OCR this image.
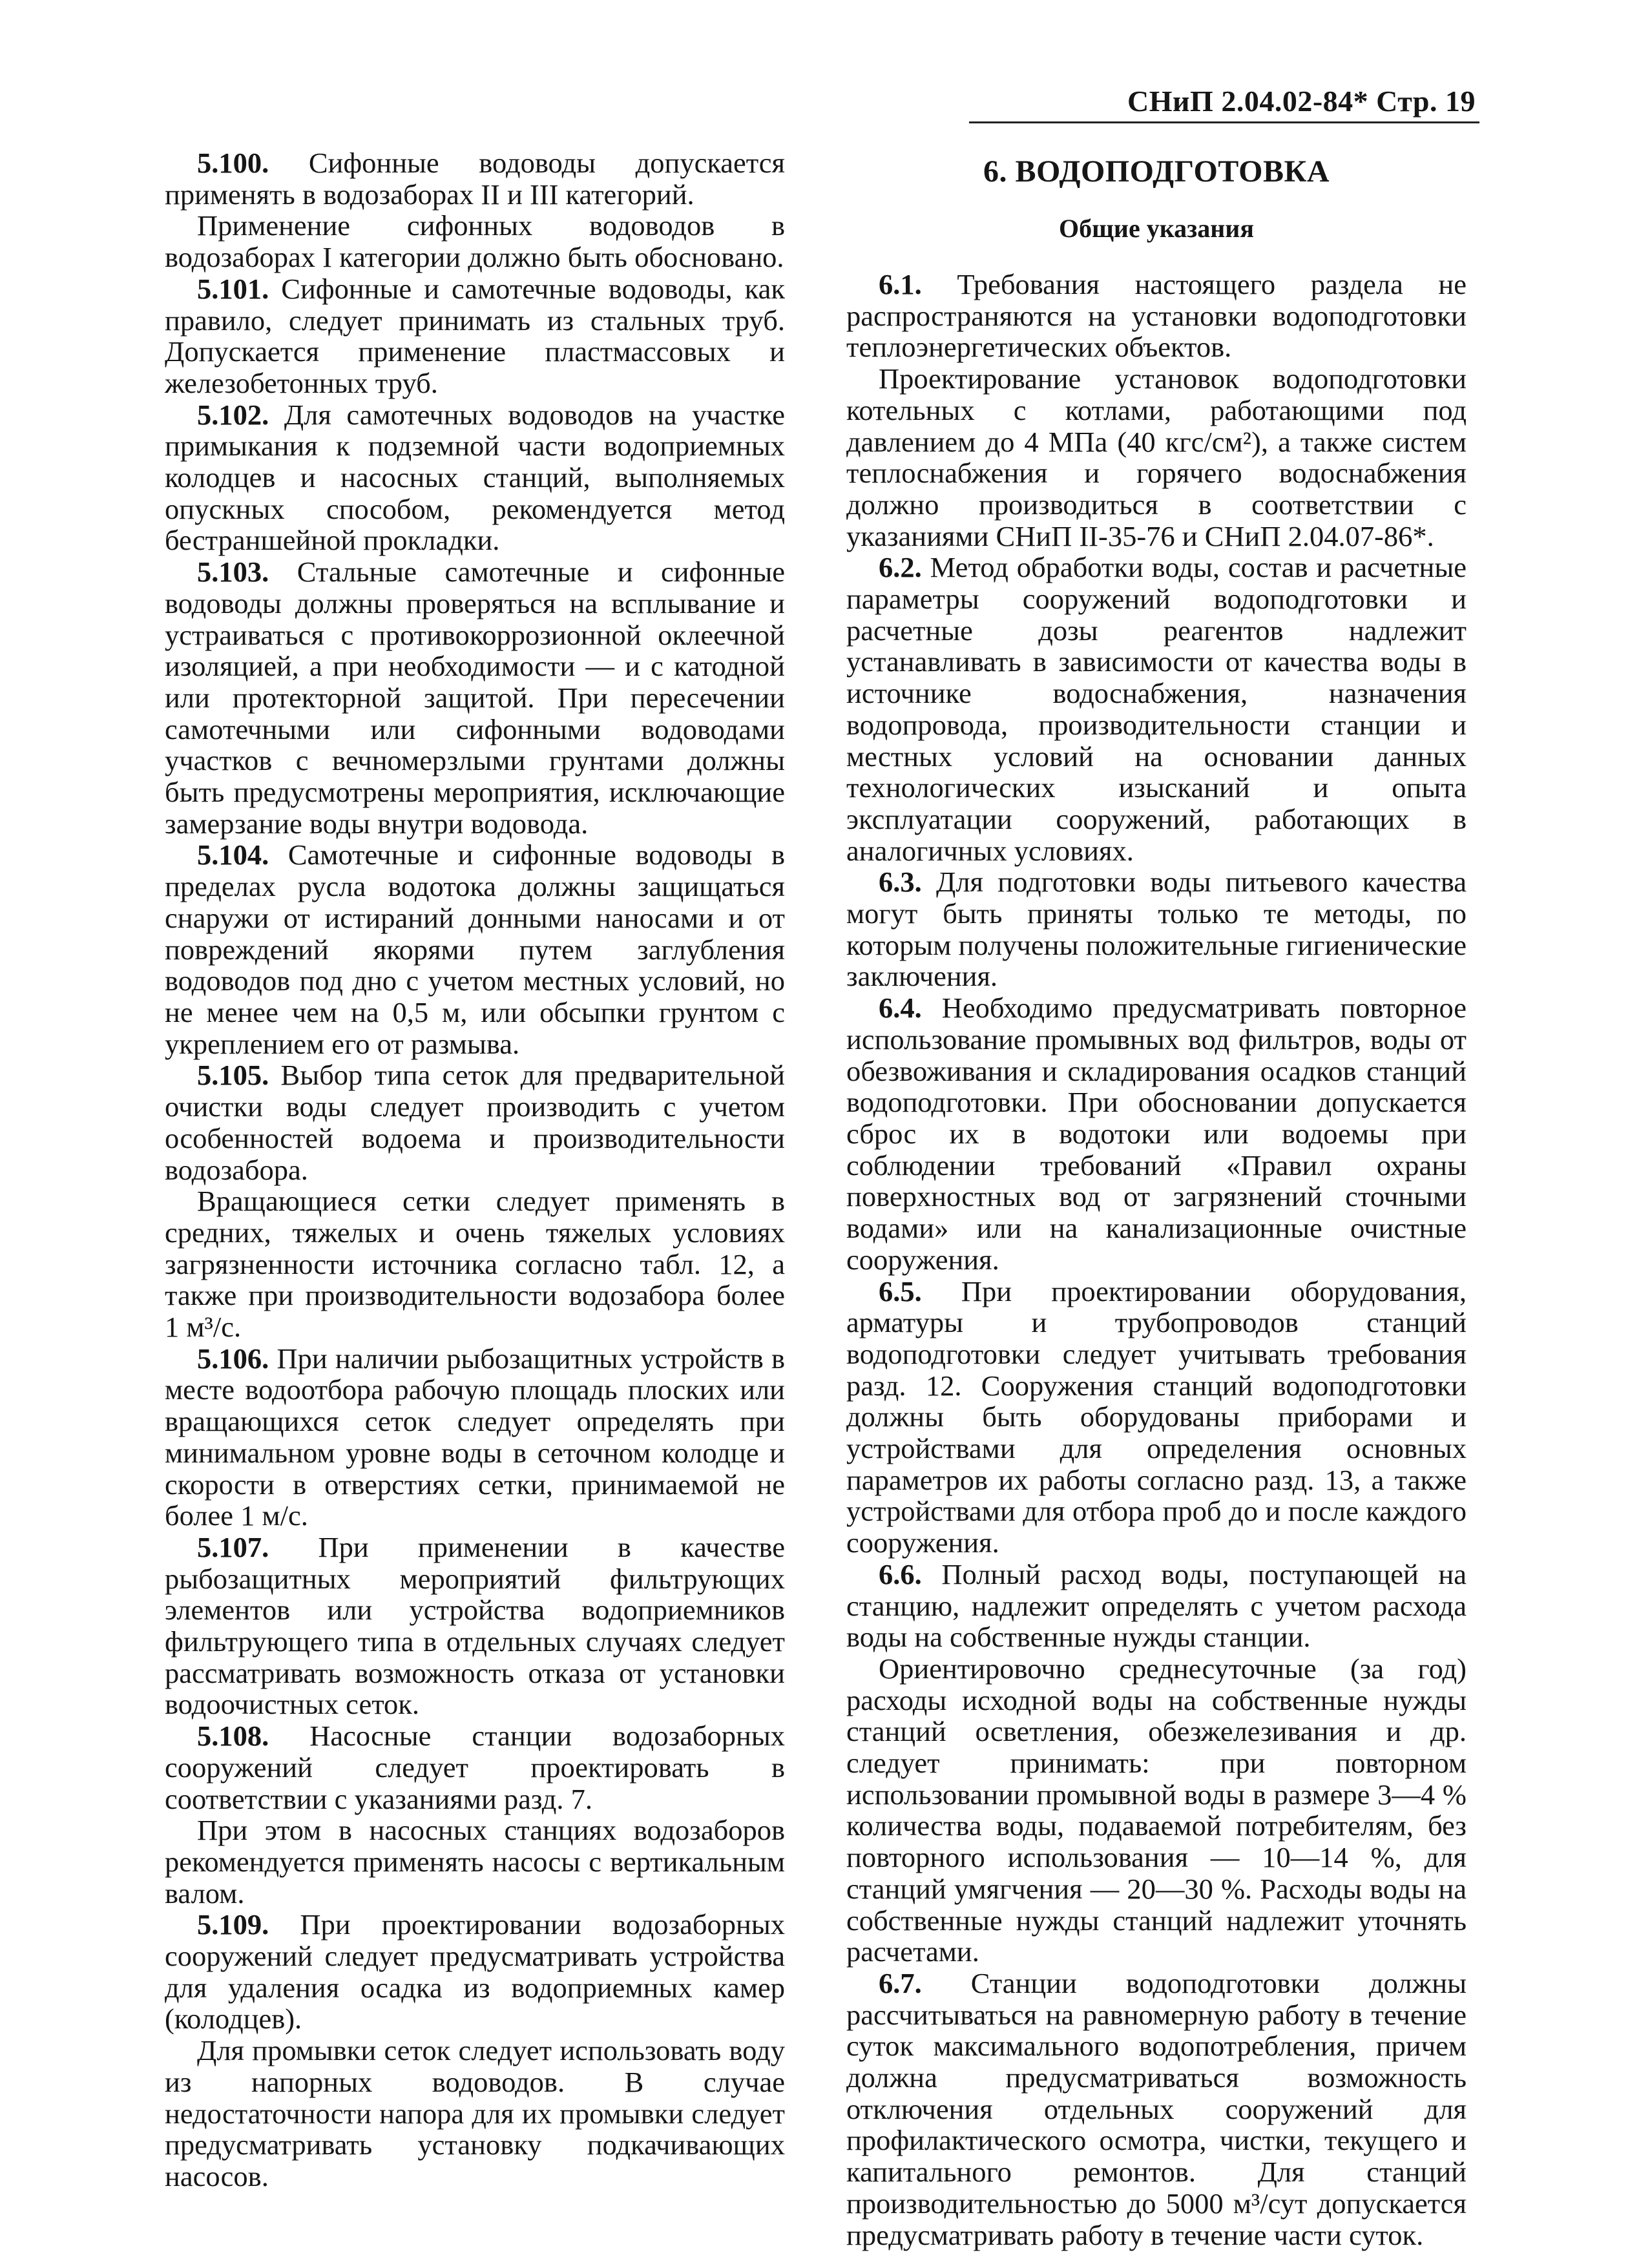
СНиП 2.04.02-84* Стр. 19

5.100. Сифонные водоводы допускается применять в водозаборах II и III категорий.

Применение сифонных водоводов в водозаборах I категории должно быть обосновано.

5.101. Сифонные и самотечные водоводы, как правило, следует принимать из стальных труб. Допускается применение пластмассовых и железобетонных труб.

5.102. Для самотечных водоводов на участке примыкания к подземной части водоприемных колодцев и насосных станций, выполняемых опускных способом, рекомендуется метод бестраншейной прокладки.

5.103. Стальные самотечные и сифонные водоводы должны проверяться на всплывание и устраиваться с противокоррозионной оклеечной изоляцией, а при необходимости — и с катодной или протекторной защитой. При пересечении самотечными или сифонными водоводами участков с вечномерзлыми грунтами должны быть предусмотрены мероприятия, исключающие замерзание воды внутри водовода.

5.104. Самотечные и сифонные водоводы в пределах русла водотока должны защищаться снаружи от истираний донными наносами и от повреждений якорями путем заглубления водоводов под дно с учетом местных условий, но не менее чем на 0,5 м, или обсыпки грунтом с укреплением его от размыва.

5.105. Выбор типа сеток для предварительной очистки воды следует производить с учетом особенностей водоема и производительности водозабора.

Вращающиеся сетки следует применять в средних, тяжелых и очень тяжелых условиях загрязненности источника согласно табл. 12, а также при производительности водозабора более 1 м³/с.

5.106. При наличии рыбозащитных устройств в месте водоотбора рабочую площадь плоских или вращающихся сеток следует определять при минимальном уровне воды в сеточном колодце и скорости в отверстиях сетки, принимаемой не более 1 м/с.

5.107. При применении в качестве рыбозащитных мероприятий фильтрующих элементов или устройства водоприемников фильтрующего типа в отдельных случаях следует рассматривать возможность отказа от установки водоочистных сеток.

5.108. Насосные станции водозаборных сооружений следует проектировать в соответствии с указаниями разд. 7.

При этом в насосных станциях водозаборов рекомендуется применять насосы с вертикальным валом.

5.109. При проектировании водозаборных сооружений следует предусматривать устройства для удаления осадка из водоприемных камер (колодцев).

Для промывки сеток следует использовать воду из напорных водоводов. В случае недостаточности напора для их промывки следует предусматривать установку подкачивающих насосов.

6. ВОДОПОДГОТОВКА
Общие указания

6.1. Требования настоящего раздела не распространяются на установки водоподготовки теплоэнергетических объектов.

Проектирование установок водоподготовки котельных с котлами, работающими под давлением до 4 МПа (40 кгс/см²), а также систем теплоснабжения и горячего водоснабжения должно производиться в соответствии с указаниями СНиП II-35-76 и СНиП 2.04.07-86*.

6.2. Метод обработки воды, состав и расчетные параметры сооружений водоподготовки и расчетные дозы реагентов надлежит устанавливать в зависимости от качества воды в источнике водоснабжения, назначения водопровода, производительности станции и местных условий на основании данных технологических изысканий и опыта эксплуатации сооружений, работающих в аналогичных условиях.

6.3. Для подготовки воды питьевого качества могут быть приняты только те методы, по которым получены положительные гигиенические заключения.

6.4. Необходимо предусматривать повторное использование промывных вод фильтров, воды от обезвоживания и складирования осадков станций водоподготовки. При обосновании допускается сброс их в водотоки или водоемы при соблюдении требований «Правил охраны поверхностных вод от загрязнений сточными водами» или на канализационные очистные сооружения.

6.5. При проектировании оборудования, арматуры и трубопроводов станций водоподготовки следует учитывать требования разд. 12. Сооружения станций водоподготовки должны быть оборудованы приборами и устройствами для определения основных параметров их работы согласно разд. 13, а также устройствами для отбора проб до и после каждого сооружения.

6.6. Полный расход воды, поступающей на станцию, надлежит определять с учетом расхода воды на собственные нужды станции.

Ориентировочно среднесуточные (за год) расходы исходной воды на собственные нужды станций осветления, обезжелезивания и др. следует принимать: при повторном использовании промывной воды в размере 3—4 % количества воды, подаваемой потребителям, без повторного использования — 10—14 %, для станций умягчения — 20—30 %. Расходы воды на собственные нужды станций надлежит уточнять расчетами.

6.7. Станции водоподготовки должны рассчитываться на равномерную работу в течение суток максимального водопотребления, причем должна предусматриваться возможность отключения отдельных сооружений для профилактического осмотра, чистки, текущего и капитального ремонтов. Для станций производительностью до 5000 м³/сут допускается предусматривать работу в течение части суток.
